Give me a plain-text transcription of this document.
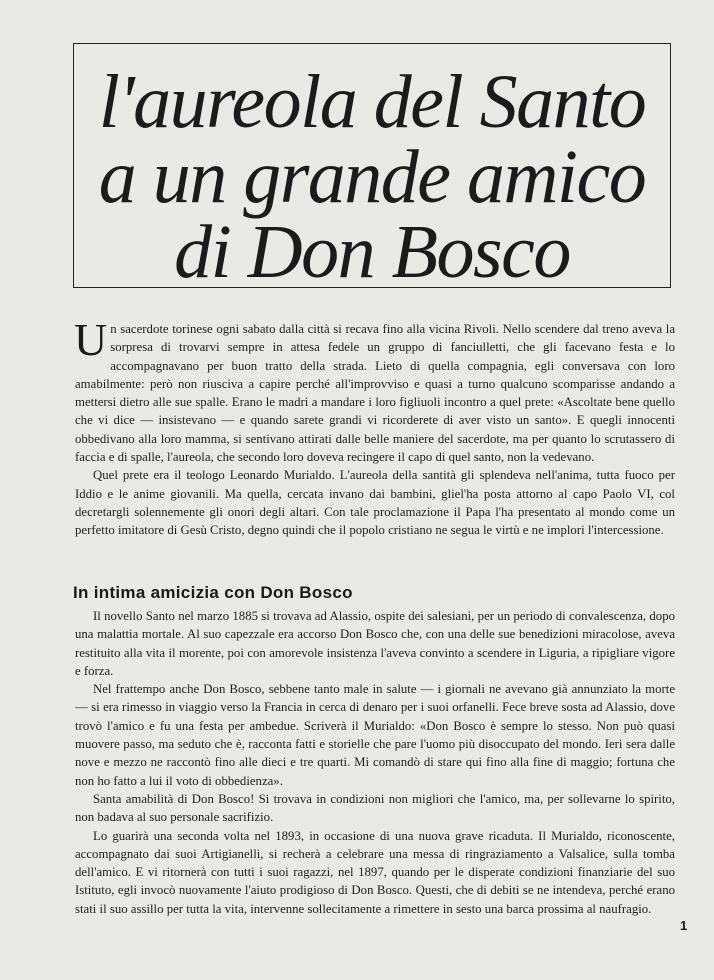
l'aureola del Santo
a un grande amico
di Don Bosco

Un sacerdote torinese ogni sabato dalla città si recava fino alla vicina Rivoli. Nello scendere dal treno aveva la sorpresa di trovarvi sempre in attesa fedele un gruppo di fanciulletti, che gli facevano festa e lo accompagnavano per buon tratto della strada. Lieto di quella compagnia, egli conversava con loro amabilmente: però non riusciva a capire perché all'improvviso e quasi a turno qualcuno scomparisse andando a mettersi dietro alle sue spalle. Erano le madri a mandare i loro figliuoli incontro a quel prete: «Ascoltate bene quello che vi dice — insistevano — e quando sarete grandi vi ricorderete di aver visto un santo». E quegli innocenti obbedivano alla loro mamma, si sentivano attirati dalle belle maniere del sacerdote, ma per quanto lo scrutassero di faccia e di spalle, l'aureola, che secondo loro doveva recingere il capo di quel santo, non la vedevano.

Quel prete era il teologo Leonardo Murialdo. L'aureola della santità gli splendeva nell'anima, tutta fuoco per Iddio e le anime giovanili. Ma quella, cercata invano dai bambini, gliel'ha posta attorno al capo Paolo VI, col decretargli solennemente gli onori degli altari. Con tale proclamazione il Papa l'ha presentato al mondo come un perfetto imitatore di Gesù Cristo, degno quindi che il popolo cristiano ne segua le virtù e ne implori l'intercessione.

In intima amicizia con Don Bosco

Il novello Santo nel marzo 1885 si trovava ad Alassio, ospite dei salesiani, per un periodo di convalescenza, dopo una malattia mortale. Al suo capezzale era accorso Don Bosco che, con una delle sue benedizioni miracolose, aveva restituito alla vita il morente, poi con amorevole insistenza l'aveva convinto a scendere in Liguria, a ripigliare vigore e forza.

Nel frattempo anche Don Bosco, sebbene tanto male in salute — i giornali ne avevano già annunziato la morte — si era rimesso in viaggio verso la Francia in cerca di denaro per i suoi orfanelli. Fece breve sosta ad Alassio, dove trovò l'amico e fu una festa per ambedue. Scriverà il Murialdo: «Don Bosco è sempre lo stesso. Non può quasi muovere passo, ma seduto che è, racconta fatti e storielle che pare l'uomo più disoccupato del mondo. Ieri sera dalle nove e mezzo ne raccontò fino alle dieci e tre quarti. Mi comandò di stare qui fino alla fine di maggio; fortuna che non ho fatto a lui il voto di obbedienza».

Santa amabilità di Don Bosco! Si trovava in condizioni non migliori che l'amico, ma, per sollevarne lo spirito, non badava al suo personale sacrifizio.

Lo guarirà una seconda volta nel 1893, in occasione di una nuova grave ricaduta. Il Murialdo, riconoscente, accompagnato dai suoi Artigianelli, si recherà a celebrare una messa di ringraziamento a Valsalice, sulla tomba dell'amico. E vi ritornerà con tutti i suoi ragazzi, nel 1897, quando per le disperate condizioni finanziarie del suo Istituto, egli invocò nuovamente l'aiuto prodigioso di Don Bosco. Questi, che di debiti se ne intendeva, perché erano stati il suo assillo per tutta la vita, intervenne sollecitamente a rimettere in sesto una barca prossima al naufragio.

1
